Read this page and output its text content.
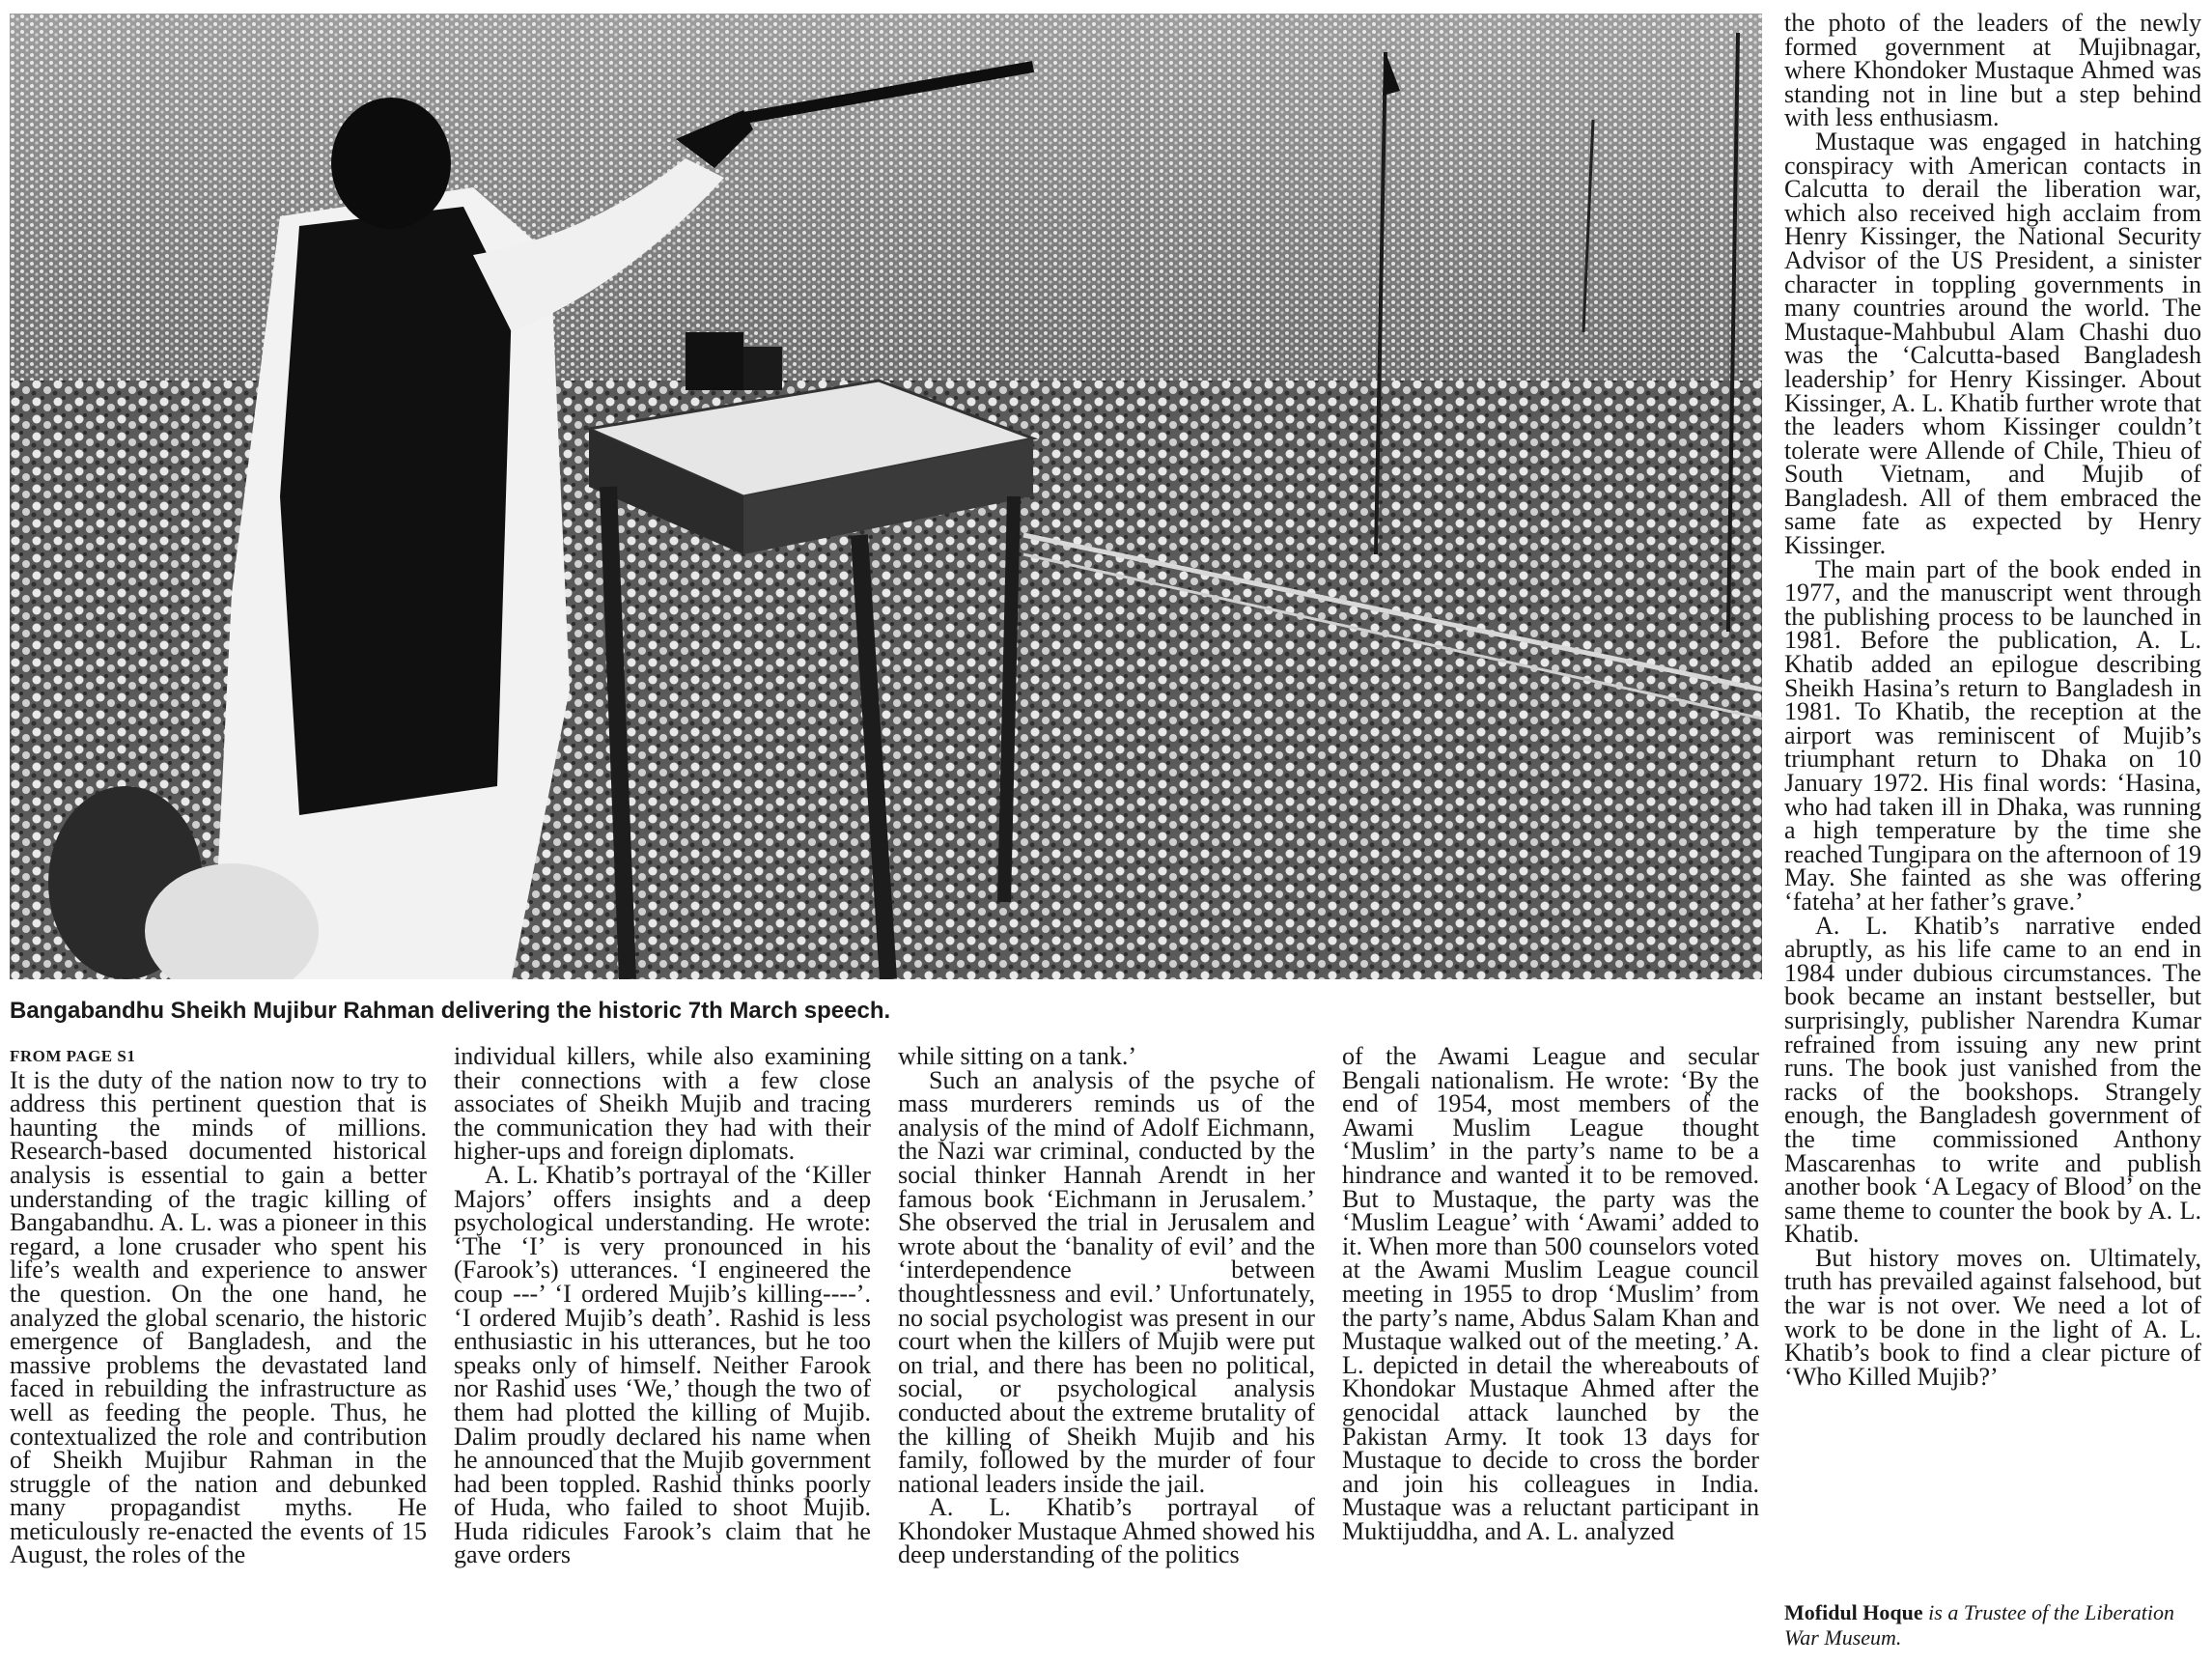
Bangabandhu Sheikh Mujibur Rahman delivering the historic 7th March speech.
FROM PAGE S1

It is the duty of the nation now to try to address this pertinent question that is haunting the minds of millions. Research-based documented historical analysis is essential to gain a better understanding of the tragic killing of Bangabandhu. A. L. was a pioneer in this regard, a lone crusader who spent his life’s wealth and experience to answer the question. On the one hand, he analyzed the global scenario, the historic emergence of Bangladesh, and the massive problems the devastated land faced in rebuilding the infrastructure as well as feeding the people. Thus, he contextualized the role and contribution of Sheikh Mujibur Rahman in the struggle of the nation and debunked many propagandist myths. He meticulously re-enacted the events of 15 August, the roles of the

individual killers, while also examining their connections with a few close associates of Sheikh Mujib and tracing the communication they had with their higher-ups and foreign diplomats.

A. L. Khatib’s portrayal of the ‘Killer Majors’ offers insights and a deep psychological understanding. He wrote: ‘The ‘I’ is very pronounced in his (Farook’s) utterances. ‘I engineered the coup ---’ ‘I ordered Mujib’s killing----’. ‘I ordered Mujib’s death’. Rashid is less enthusiastic in his utterances, but he too speaks only of himself. Neither Farook nor Rashid uses ‘We,’ though the two of them had plotted the killing of Mujib. Dalim proudly declared his name when he announced that the Mujib government had been toppled. Rashid thinks poorly of Huda, who failed to shoot Mujib. Huda ridicules Farook’s claim that he gave orders

while sitting on a tank.’

Such an analysis of the psyche of mass murderers reminds us of the analysis of the mind of Adolf Eichmann, the Nazi war criminal, conducted by the social thinker Hannah Arendt in her famous book ‘Eichmann in Jerusalem.’ She observed the trial in Jerusalem and wrote about the ‘banality of evil’ and the ‘interdependence between thoughtlessness and evil.’ Unfortunately, no social psychologist was present in our court when the killers of Mujib were put on trial, and there has been no political, social, or psychological analysis conducted about the extreme brutality of the killing of Sheikh Mujib and his family, followed by the murder of four national leaders inside the jail.

A. L. Khatib’s portrayal of Khondoker Mustaque Ahmed showed his deep understanding of the politics

of the Awami League and secular Bengali nationalism. He wrote: ‘By the end of 1954, most members of the Awami Muslim League thought ‘Muslim’ in the party’s name to be a hindrance and wanted it to be removed. But to Mustaque, the party was the ‘Muslim League’ with ‘Awami’ added to it. When more than 500 counselors voted at the Awami Muslim League council meeting in 1955 to drop ‘Muslim’ from the party’s name, Abdus Salam Khan and Mustaque walked out of the meeting.’ A. L. depicted in detail the whereabouts of Khondokar Mustaque Ahmed after the genocidal attack launched by the Pakistan Army. It took 13 days for Mustaque to decide to cross the border and join his colleagues in India. Mustaque was a reluctant participant in Muktijuddha, and A. L. analyzed

the photo of the leaders of the newly formed government at Mujibnagar, where Khondoker Mustaque Ahmed was standing not in line but a step behind with less enthusiasm.

Mustaque was engaged in hatching conspiracy with American contacts in Calcutta to derail the liberation war, which also received high acclaim from Henry Kissinger, the National Security Advisor of the US President, a sinister character in toppling governments in many countries around the world. The Mustaque-Mahbubul Alam Chashi duo was the ‘Calcutta-based Bangladesh leadership’ for Henry Kissinger. About Kissinger, A. L. Khatib further wrote that the leaders whom Kissinger couldn’t tolerate were Allende of Chile, Thieu of South Vietnam, and Mujib of Bangladesh. All of them embraced the same fate as expected by Henry Kissinger.

The main part of the book ended in 1977, and the manuscript went through the publishing process to be launched in 1981. Before the publication, A. L. Khatib added an epilogue describing Sheikh Hasina’s return to Bangladesh in 1981. To Khatib, the reception at the airport was reminiscent of Mujib’s triumphant return to Dhaka on 10 January 1972. His final words: ‘Hasina, who had taken ill in Dhaka, was running a high temperature by the time she reached Tungipara on the afternoon of 19 May. She fainted as she was offering ‘fateha’ at her father’s grave.’

A. L. Khatib’s narrative ended abruptly, as his life came to an end in 1984 under dubious circumstances. The book became an instant bestseller, but surprisingly, publisher Narendra Kumar refrained from issuing any new print runs. The book just vanished from the racks of the bookshops. Strangely enough, the Bangladesh government of the time commissioned Anthony Mascarenhas to write and publish another book ‘A Legacy of Blood’ on the same theme to counter the book by A. L. Khatib.

But history moves on. Ultimately, truth has prevailed against falsehood, but the war is not over. We need a lot of work to be done in the light of A. L. Khatib’s book to find a clear picture of ‘Who Killed Mujib?’

Mofidul Hoque is a Trustee of the Liberation War Museum.
